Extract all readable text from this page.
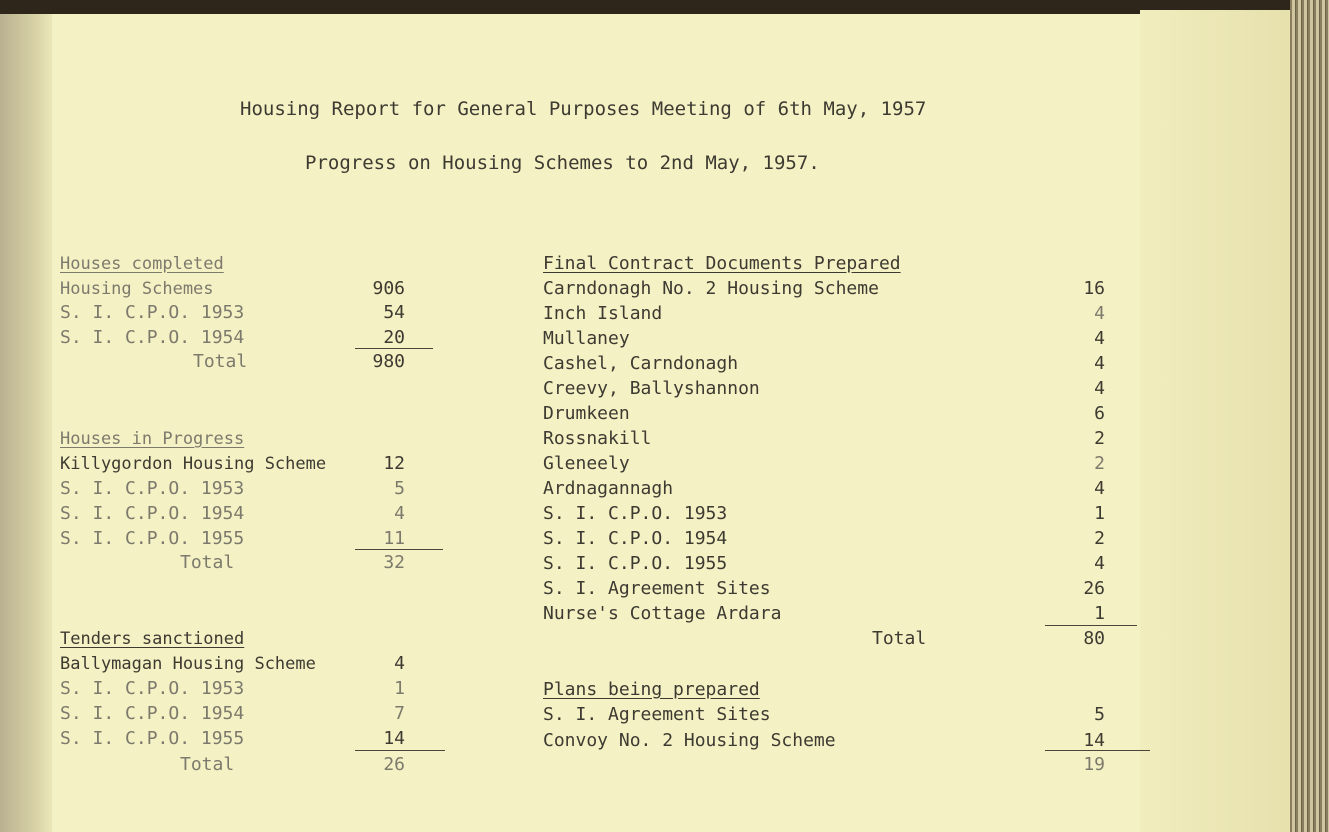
Housing Report for General Purposes Meeting of 6th May, 1957
Progress on Housing Schemes to 2nd May, 1957.
Houses completed
Housing Schemes	906
S. I. C.P.O. 1953	54
S. I. C.P.O. 1954	20
Total	980
Houses in Progress
Killygordon Housing Scheme	12
S. I. C.P.O. 1953	5
S. I. C.P.O. 1954	4
S. I. C.P.O. 1955	11
Total	32
Tenders sanctioned
Ballymagan Housing Scheme	4
S. I. C.P.O. 1953	1
S. I. C.P.O. 1954	7
S. I. C.P.O. 1955	14
Total	26
Final Contract Documents Prepared
Carndonagh No. 2 Housing Scheme	16
Inch Island	4
Mullaney	4
Cashel, Carndonagh	4
Creevy, Ballyshannon	4
Drumkeen	6
Rossnakill	2
Gleneely	2
Ardnagannagh	4
S. I. C.P.O. 1953	1
S. I. C.P.O. 1954	2
S. I. C.P.O. 1955	4
S. I. Agreement Sites	26
Nurse's Cottage Ardara	1
Total	80
Plans being prepared
S. I. Agreement Sites	5
Convoy No. 2 Housing Scheme	14
19
